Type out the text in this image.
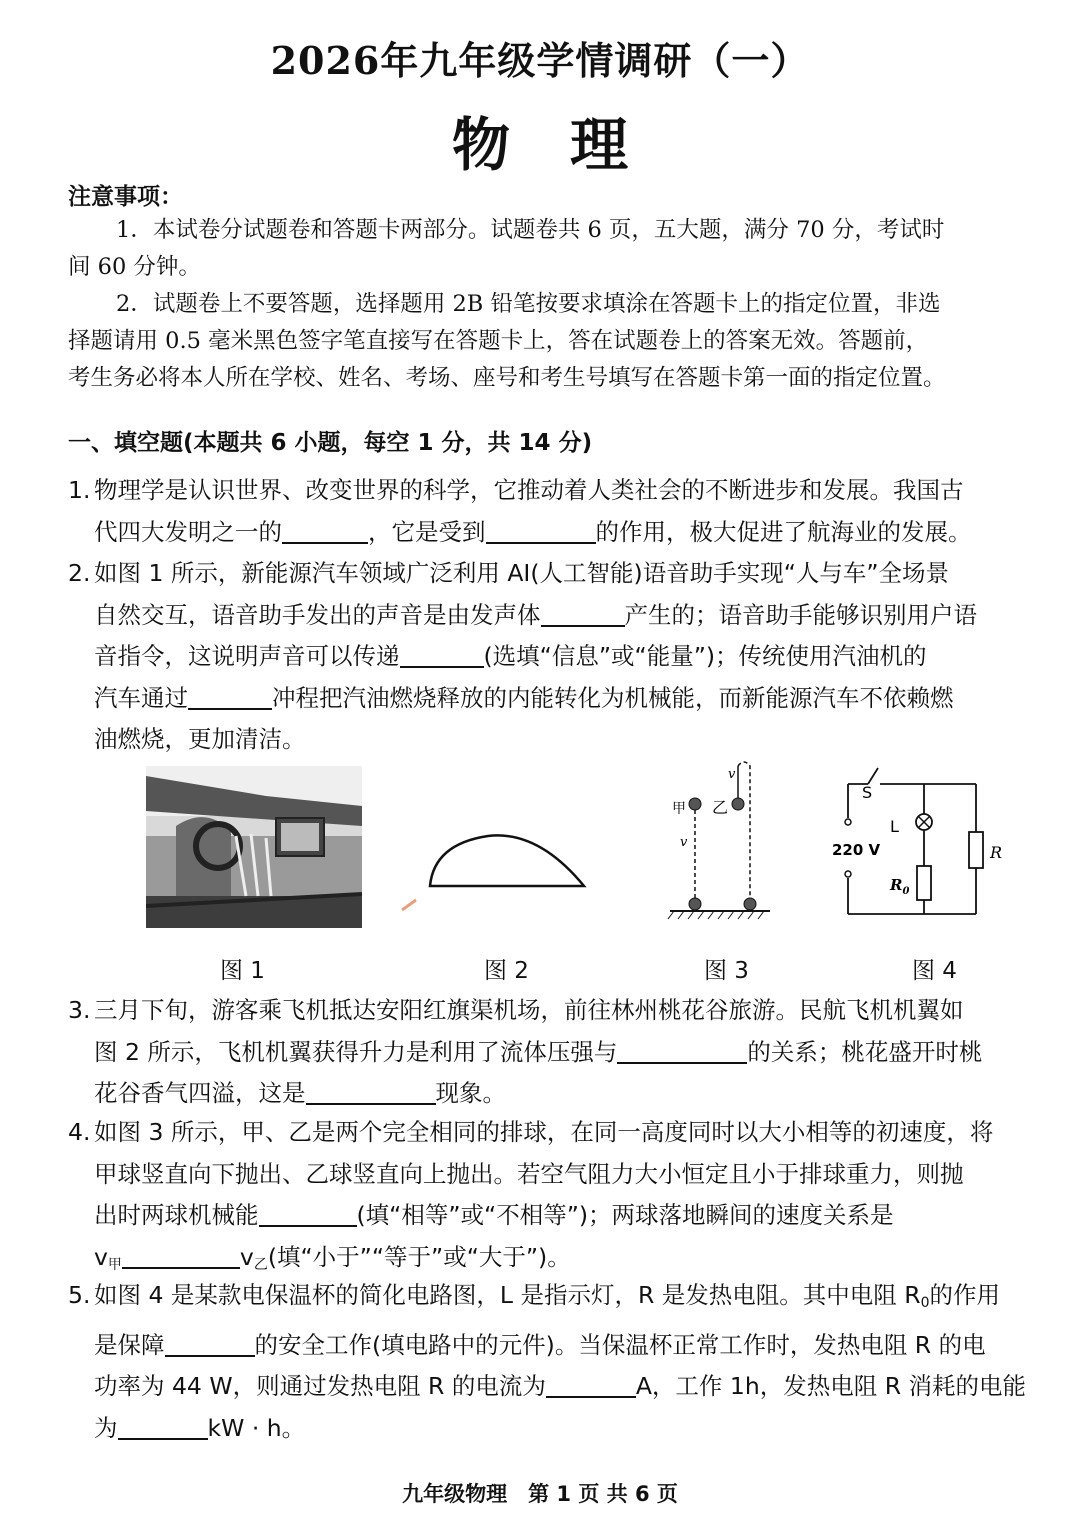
2026年九年级学情调研（一）
物理
注意事项：
1．本试卷分试题卷和答题卡两部分。试题卷共 6 页，五大题，满分 70 分，考试时
间 60 分钟。
2．试题卷上不要答题，选择题用 2B 铅笔按要求填涂在答题卡上的指定位置，非选
择题请用 0.5 毫米黑色签字笔直接写在答题卡上，答在试题卷上的答案无效。答题前，
考生务必将本人所在学校、姓名、考场、座号和考生号填写在答题卡第一面的指定位置。
一、填空题(本题共 6 小题，每空 1 分，共 14 分)
1. 物理学是认识世界、改变世界的科学，它推动着人类社会的不断进步和发展。我国古
代四大发明之一的	，它是受到	的作用，极大促进了航海业的发展。
2. 如图 1 所示，新能源汽车领域广泛利用 AI(人工智能)语音助手实现“人与车”全场景
自然交互，语音助手发出的声音是由发声体	产生的；语音助手能够识别用户语
音指令，这说明声音可以传递	(选填“信息”或“能量”)；传统使用汽油机的
汽车通过	冲程把汽油燃烧释放的内能转化为机械能，而新能源汽车不依赖燃
油燃烧，更加清洁。
甲 乙
v
v
S
L
220 V
$R_0$
R
图 1	图 2	图 3	图 4
3. 三月下旬，游客乘飞机抵达安阳红旗渠机场，前往林州桃花谷旅游。民航飞机机翼如
图 2 所示，飞机机翼获得升力是利用了流体压强与	的关系；桃花盛开时桃
花谷香气四溢，这是	现象。
4. 如图 3 所示，甲、乙是两个完全相同的排球，在同一高度同时以大小相等的初速度，将
甲球竖直向下抛出、乙球竖直向上抛出。若空气阻力大小恒定且小于排球重力，则抛
出时两球机械能	(填“相等”或“不相等”)；两球落地瞬间的速度关系是
$v_甲$	$v_乙$(填“小于”“等于”或“大于”)。
5. 如图 4 是某款电保温杯的简化电路图，L 是指示灯，R 是发热电阻。其中电阻 $R_0$的作用
是保障	的安全工作(填电路中的元件)。当保温杯正常工作时，发热电阻 R 的电
功率为 44 W，则通过发热电阻 R 的电流为	A，工作 1h，发热电阻 R 消耗的电能
为	kW · h。
九年级物理　第 1 页 共 6 页
